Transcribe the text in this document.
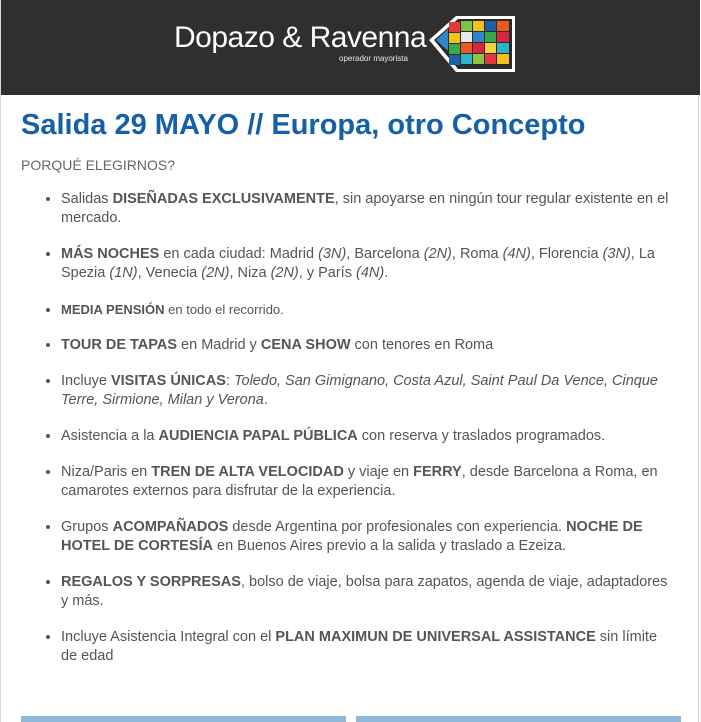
Dopazo & Ravenna
operador mayorista
Salida 29 MAYO // Europa, otro Concepto
PORQUÉ ELEGIRNOS?
• Salidas DISEÑADAS EXCLUSIVAMENTE, sin apoyarse en ningún tour regular existente en el mercado.
• MÁS NOCHES en cada ciudad: Madrid (3N), Barcelona (2N), Roma (4N), Florencia (3N), La Spezia (1N), Venecia (2N), Niza (2N), y París (4N).
• MEDIA PENSIÓN en todo el recorrido.
• TOUR DE TAPAS en Madrid y CENA SHOW con tenores en Roma
• Incluye VISITAS ÚNICAS: Toledo, San Gimignano, Costa Azul, Saint Paul Da Vence, Cinque Terre, Sirmione, Milan y Verona.
• Asistencia a la AUDIENCIA PAPAL PÚBLICA con reserva y traslados programados.
• Niza/Paris en TREN DE ALTA VELOCIDAD y viaje en FERRY, desde Barcelona a Roma, en camarotes externos para disfrutar de la experiencia.
• Grupos ACOMPAÑADOS desde Argentina por profesionales con experiencia. NOCHE DE HOTEL DE CORTESÍA en Buenos Aires previo a la salida y traslado a Ezeiza.
• REGALOS Y SORPRESAS, bolso de viaje, bolsa para zapatos, agenda de viaje, adaptadores y más.
• Incluye Asistencia Integral con el PLAN MAXIMUN DE UNIVERSAL ASSISTANCE sin límite de edad
